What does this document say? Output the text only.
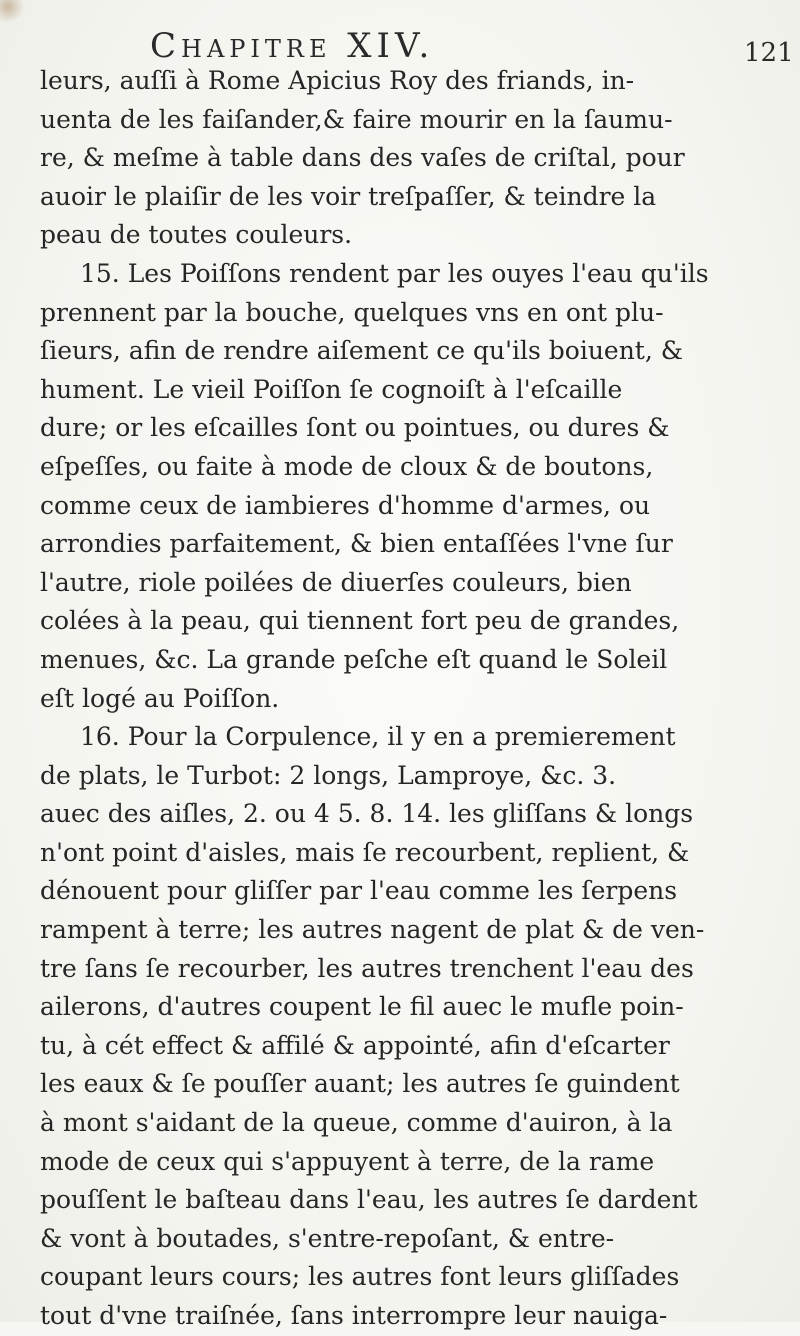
Chapitre XIV.	121
leurs, auſſi à Rome Apicius Roy des friands, in-
uenta de les faiſander,& faire mourir en la ſaumu-
re, & meſme à table dans des vaſes de criſtal, pour
auoir le plaiſir de les voir treſpaſſer, & teindre la
peau de toutes couleurs.
15. Les Poiſſons rendent par les ouyes l'eau qu'ils
prennent par la bouche, quelques vns en ont plu-
ſieurs, afin de rendre aiſement ce qu'ils boiuent, &
hument. Le vieil Poiſſon ſe cognoiſt à l'eſcaille
dure; or les eſcailles ſont ou pointues, ou dures &
eſpeſſes, ou faite à mode de cloux & de boutons,
comme ceux de iambieres d'homme d'armes, ou
arrondies parfaitement, & bien entaſſées l'vne ſur
l'autre, riole poilées de diuerſes couleurs, bien
colées à la peau, qui tiennent fort peu de grandes,
menues, &c. La grande peſche eſt quand le Soleil
eſt logé au Poiſſon.
16. Pour la Corpulence, il y en a premierement
de plats, le Turbot: 2 longs, Lamproye, &c. 3.
auec des aiſles, 2. ou 4 5. 8. 14. les gliſſans & longs
n'ont point d'aisles, mais ſe recourbent, replient, &
dénouent pour gliſſer par l'eau comme les ſerpens
rampent à terre; les autres nagent de plat & de ven-
tre ſans ſe recourber, les autres trenchent l'eau des
ailerons, d'autres coupent le fil auec le mufle poin-
tu, à cét effect & affilé & appointé, afin d'eſcarter
les eaux & ſe pouſſer auant; les autres ſe guindent
à mont s'aidant de la queue, comme d'auiron, à la
mode de ceux qui s'appuyent à terre, de la rame
pouſſent le baſteau dans l'eau, les autres ſe dardent
& vont à boutades, s'entre-repoſant, & entre-
coupant leurs cours; les autres font leurs gliſſades
tout d'vne traiſnée, ſans interrompre leur nauiga-
